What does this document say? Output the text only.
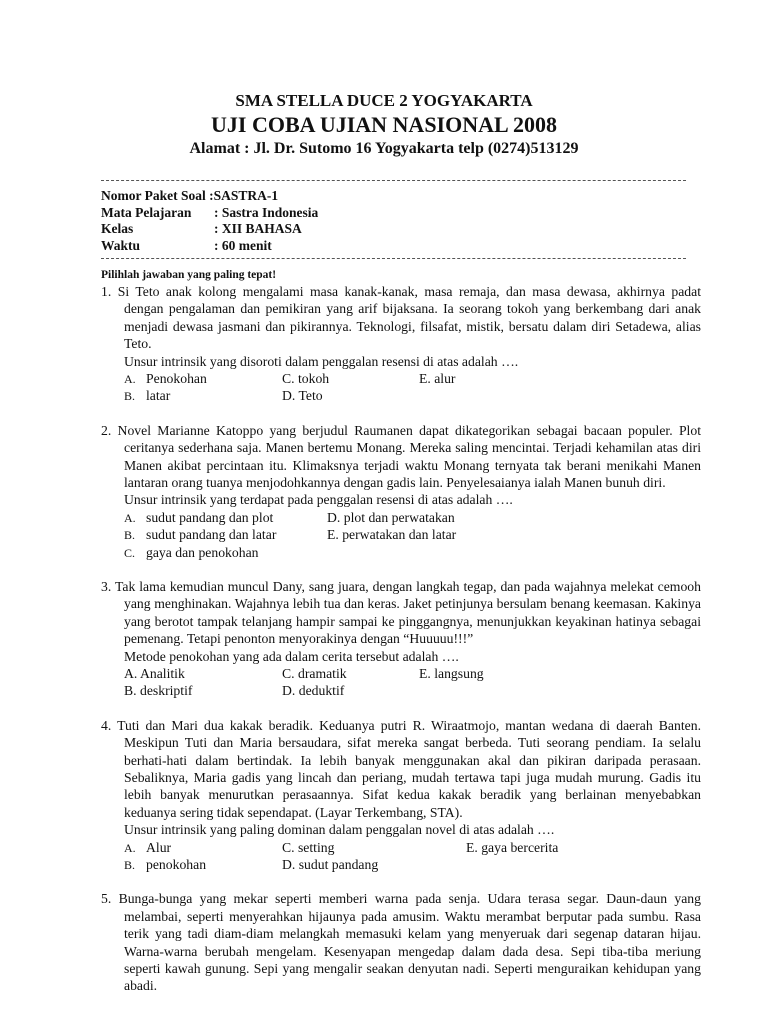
SMA STELLA DUCE 2 YOGYAKARTA

UJI COBA UJIAN NASIONAL 2008

Alamat : Jl. Dr. Sutomo 16 Yogyakarta telp (0274)513129

Nomor Paket Soal : SASTRA-1
Mata Pelajaran	: Sastra Indonesia
Kelas	: XII BAHASA
Waktu	: 60 menit
Pilihlah jawaban yang paling tepat!

1. Si Teto anak kolong mengalami masa kanak-kanak, masa remaja, dan masa dewasa, akhirnya padat dengan pengalaman dan pemikiran yang arif bijaksana. Ia seorang tokoh yang berkembang dari anak menjadi dewasa jasmani dan pikirannya. Teknologi, filsafat, mistik, bersatu dalam diri Setadewa, alias Teto.

Unsur intrinsik yang disoroti dalam penggalan resensi di atas adalah ….

A. Penokohan	C. tokoh	E. alur
B. latar	D. Teto

2. Novel Marianne Katoppo yang berjudul Raumanen dapat dikategorikan sebagai bacaan populer. Plot ceritanya sederhana saja. Manen bertemu Monang. Mereka saling mencintai. Terjadi kehamilan atas diri Manen akibat percintaan itu. Klimaksnya terjadi waktu Monang ternyata tak berani menikahi Manen lantaran orang tuanya menjodohkannya dengan gadis lain. Penyelesaianya ialah Manen bunuh diri.

Unsur intrinsik yang terdapat pada penggalan resensi di atas adalah ….

A. sudut pandang dan plot	D. plot dan perwatakan
B. sudut pandang dan latar	E. perwatakan dan latar
C. gaya dan penokohan

3. Tak lama kemudian muncul Dany, sang juara, dengan langkah tegap, dan pada wajahnya melekat cemooh yang menghinakan. Wajahnya lebih tua dan keras. Jaket petinjunya bersulam benang keemasan. Kakinya yang berotot tampak telanjang hampir sampai ke pinggangnya, menunjukkan keyakinan hatinya sebagai pemenang. Tetapi penonton menyorakinya dengan “Huuuuu!!!”

Metode penokohan yang ada dalam cerita tersebut adalah ….

A. Analitik	C. dramatik	E. langsung
B. deskriptif	D. deduktif

4. Tuti dan Mari dua kakak beradik. Keduanya putri R. Wiraatmojo, mantan wedana di daerah Banten. Meskipun Tuti dan Maria bersaudara, sifat mereka sangat berbeda. Tuti seorang pendiam. Ia selalu berhati-hati dalam bertindak. Ia lebih banyak menggunakan akal dan pikiran daripada perasaan. Sebaliknya, Maria gadis yang lincah dan periang, mudah tertawa tapi juga mudah murung. Gadis itu lebih banyak menurutkan perasaannya. Sifat kedua kakak beradik yang berlainan menyebabkan keduanya sering tidak sependapat. (Layar Terkembang, STA).

Unsur intrinsik yang paling dominan dalam penggalan novel di atas adalah ….

A. Alur	C. setting	E. gaya bercerita
B. penokohan	D. sudut pandang

5. Bunga-bunga yang mekar seperti memberi warna pada senja. Udara terasa segar. Daun-daun yang melambai, seperti menyerahkan hijaunya pada amusim. Waktu merambat berputar pada sumbu. Rasa terik yang tadi diam-diam melangkah memasuki kelam yang menyeruak dari segenap dataran hijau. Warna-warna berubah mengelam. Kesenyapan mengedap dalam dada desa. Sepi tiba-tiba meriung seperti kawah gunung. Sepi yang mengalir seakan denyutan nadi. Seperti menguraikan kehidupan yang abadi.
